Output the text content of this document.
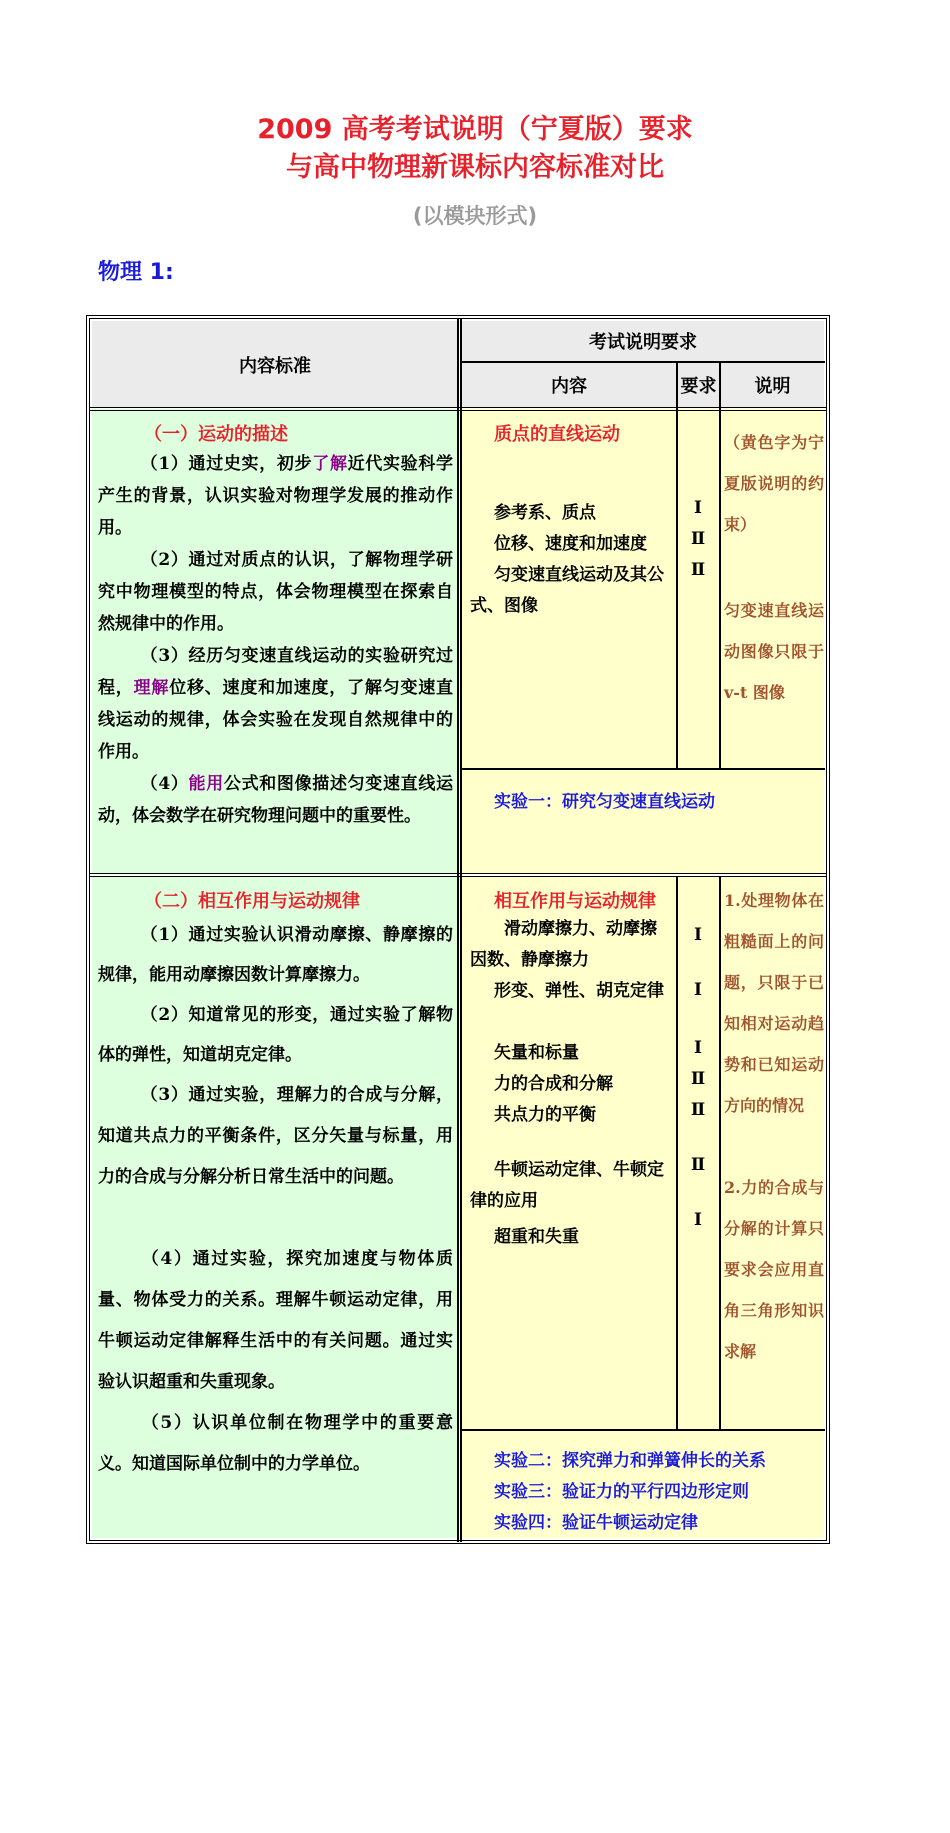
2009 高考考试说明（宁夏版）要求
与高中物理新课标内容标准对比
(以模块形式)
物理 1:
内容标准
考试说明要求
内容	要求	说明
（一）运动的描述
（1）通过史实，初步了解近代实验科学产生的背景，认识实验对物理学发展的推动作用。
（2）通过对质点的认识，了解物理学研究中物理模型的特点，体会物理模型在探索自然规律中的作用。
（3）经历匀变速直线运动的实验研究过程，理解位移、速度和加速度，了解匀变速直线运动的规律，体会实验在发现自然规律中的作用。
（4）能用公式和图像描述匀变速直线运动，体会数学在研究物理问题中的重要性。
质点的直线运动
参考系、质点
位移、速度和加速度
匀变速直线运动及其公式、图像
Ⅰ
Ⅱ
Ⅱ
（黄色字为宁夏版说明的约束）
匀变速直线运动图像只限于 v-t 图像
实验一：研究匀变速直线运动
（二）相互作用与运动规律
（1）通过实验认识滑动摩擦、静摩擦的规律，能用动摩擦因数计算摩擦力。
（2）知道常见的形变，通过实验了解物体的弹性，知道胡克定律。
（3）通过实验，理解力的合成与分解，知道共点力的平衡条件，区分矢量与标量，用力的合成与分解分析日常生活中的问题。
（4）通过实验，探究加速度与物体质量、物体受力的关系。理解牛顿运动定律，用牛顿运动定律解释生活中的有关问题。通过实验认识超重和失重现象。
（5）认识单位制在物理学中的重要意义。知道国际单位制中的力学单位。
相互作用与运动规律
滑动摩擦力、动摩擦因数、静摩擦力
形变、弹性、胡克定律
矢量和标量
力的合成和分解
共点力的平衡
牛顿运动定律、牛顿定律的应用
超重和失重
Ⅰ
Ⅰ
Ⅰ
Ⅱ
Ⅱ
Ⅱ
Ⅰ
1.处理物体在粗糙面上的问题，只限于已知相对运动趋势和已知运动方向的情况
2.力的合成与分解的计算只要求会应用直角三角形知识求解
实验二：探究弹力和弹簧伸长的关系
实验三：验证力的平行四边形定则
实验四：验证牛顿运动定律
